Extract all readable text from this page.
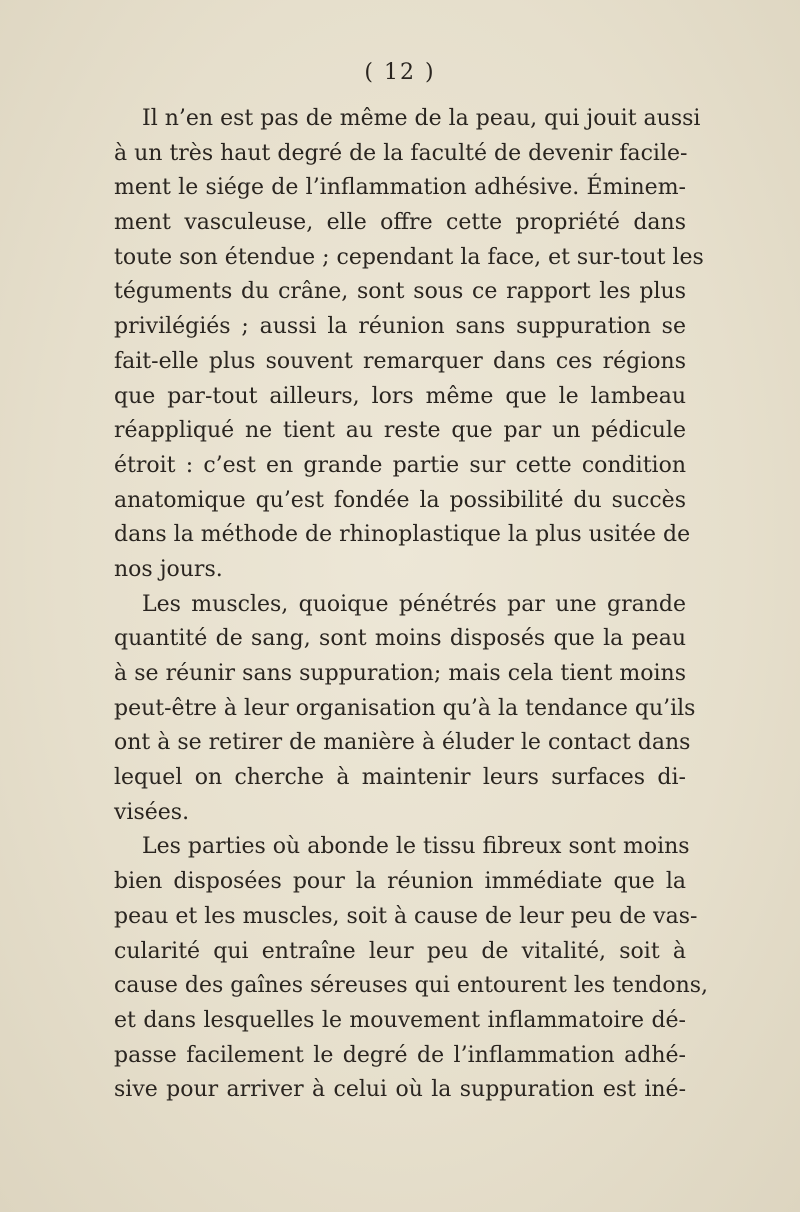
( 12 )
Il n’en est pas de même de la peau, qui jouit aussi
à un très haut degré de la faculté de devenir facile-
ment le siége de l’inflammation adhésive. Éminem-
ment vasculeuse, elle offre cette propriété dans
toute son étendue ; cependant la face, et sur-tout les
téguments du crâne, sont sous ce rapport les plus
privilégiés ; aussi la réunion sans suppuration se
fait-elle plus souvent remarquer dans ces régions
que par-tout ailleurs, lors même que le lambeau
réappliqué ne tient au reste que par un pédicule
étroit : c’est en grande partie sur cette condition
anatomique qu’est fondée la possibilité du succès
dans la méthode de rhinoplastique la plus usitée de
nos jours.
Les muscles, quoique pénétrés par une grande
quantité de sang, sont moins disposés que la peau
à se réunir sans suppuration; mais cela tient moins
peut-être à leur organisation qu’à la tendance qu’ils
ont à se retirer de manière à éluder le contact dans
lequel on cherche à maintenir leurs surfaces di-
visées.
Les parties où abonde le tissu fibreux sont moins
bien disposées pour la réunion immédiate que la
peau et les muscles, soit à cause de leur peu de vas-
cularité qui entraîne leur peu de vitalité, soit à
cause des gaînes séreuses qui entourent les tendons,
et dans lesquelles le mouvement inflammatoire dé-
passe facilement le degré de l’inflammation adhé-
sive pour arriver à celui où la suppuration est iné-
